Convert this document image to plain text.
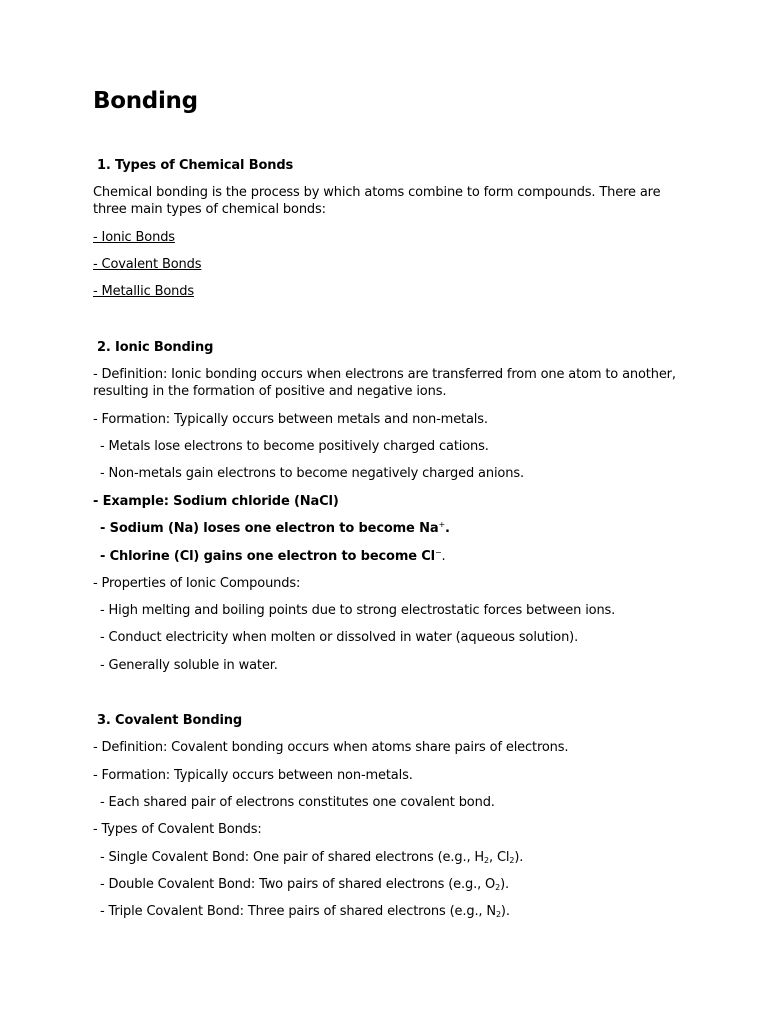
Bonding
1. Types of Chemical Bonds
Chemical bonding is the process by which atoms combine to form compounds. There are three main types of chemical bonds:
- Ionic Bonds
- Covalent Bonds
- Metallic Bonds
2. Ionic Bonding
- Definition: Ionic bonding occurs when electrons are transferred from one atom to another, resulting in the formation of positive and negative ions.
- Formation: Typically occurs between metals and non-metals.
- Metals lose electrons to become positively charged cations.
- Non-metals gain electrons to become negatively charged anions.
- Example: Sodium chloride (NaCl)
- Sodium (Na) loses one electron to become Na+.
- Chlorine (Cl) gains one electron to become Cl−.
- Properties of Ionic Compounds:
- High melting and boiling points due to strong electrostatic forces between ions.
- Conduct electricity when molten or dissolved in water (aqueous solution).
- Generally soluble in water.
3. Covalent Bonding
- Definition: Covalent bonding occurs when atoms share pairs of electrons.
- Formation: Typically occurs between non-metals.
- Each shared pair of electrons constitutes one covalent bond.
- Types of Covalent Bonds:
- Single Covalent Bond: One pair of shared electrons (e.g., $H_2$, $Cl_2$).
- Double Covalent Bond: Two pairs of shared electrons (e.g., $O_2$).
- Triple Covalent Bond: Three pairs of shared electrons (e.g., $N_2$).
